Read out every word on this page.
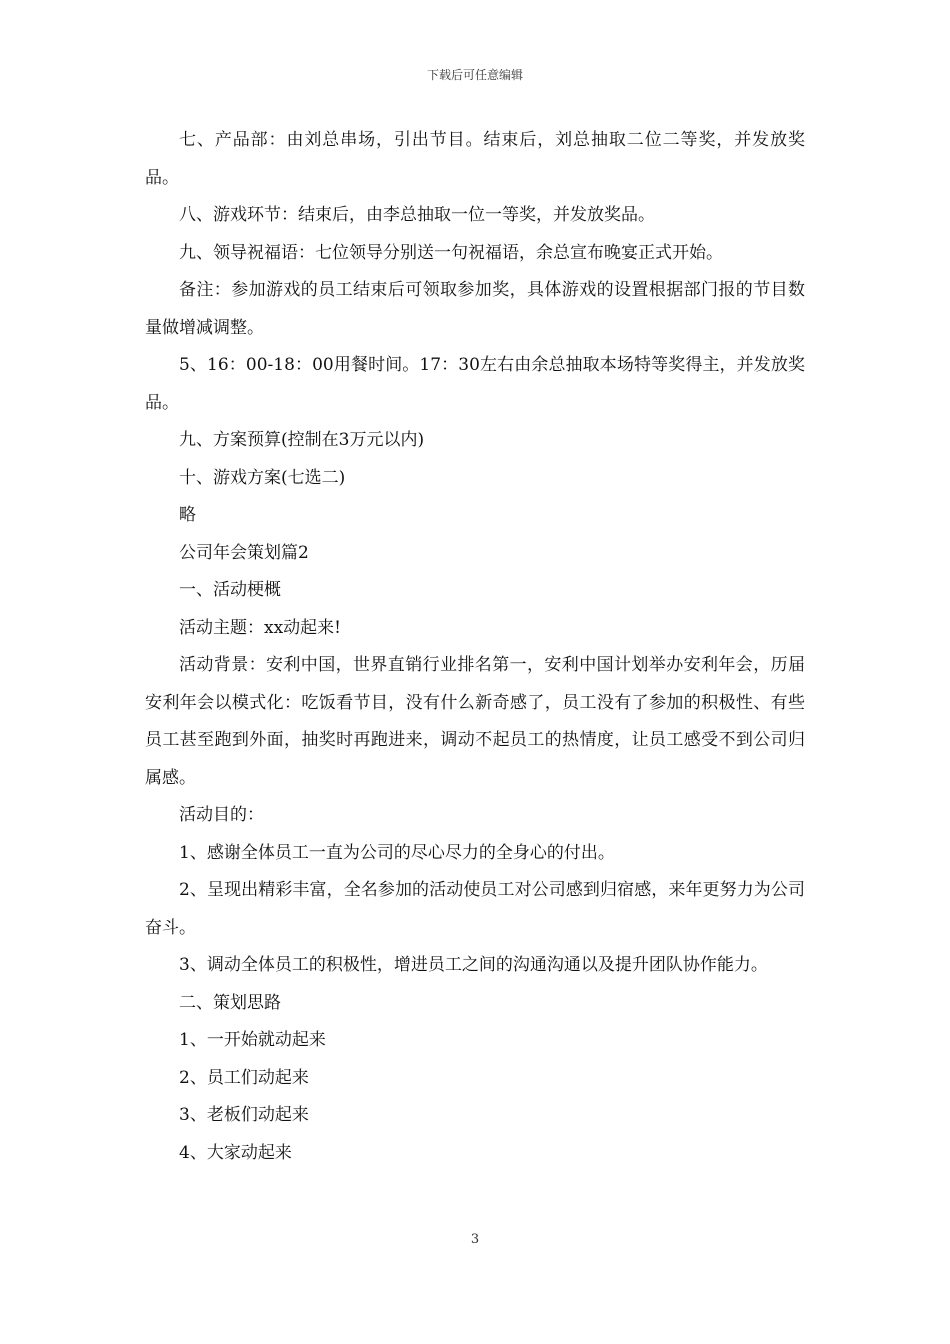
下载后可任意编辑

七、产品部：由刘总串场，引出节目。结束后，刘总抽取二位二等奖，并发放奖品。

八、游戏环节：结束后，由李总抽取一位一等奖，并发放奖品。

九、领导祝福语：七位领导分别送一句祝福语，余总宣布晚宴正式开始。

备注：参加游戏的员工结束后可领取参加奖，具体游戏的设置根据部门报的节目数量做增减调整。

5、16：00-18：00用餐时间。17：30左右由余总抽取本场特等奖得主，并发放奖品。

九、方案预算(控制在3万元以内)

十、游戏方案(七选二)

略

公司年会策划篇2

一、活动梗概

活动主题：xx动起来!

活动背景：安利中国，世界直销行业排名第一，安利中国计划举办安利年会，历届安利年会以模式化：吃饭看节目，没有什么新奇感了，员工没有了参加的积极性、有些员工甚至跑到外面，抽奖时再跑进来，调动不起员工的热情度，让员工感受不到公司归属感。

活动目的：

1、感谢全体员工一直为公司的尽心尽力的全身心的付出。

2、呈现出精彩丰富，全名参加的活动使员工对公司感到归宿感，来年更努力为公司奋斗。

3、调动全体员工的积极性，增进员工之间的沟通沟通以及提升团队协作能力。

二、策划思路

1、一开始就动起来

2、员工们动起来

3、老板们动起来

4、大家动起来

3
